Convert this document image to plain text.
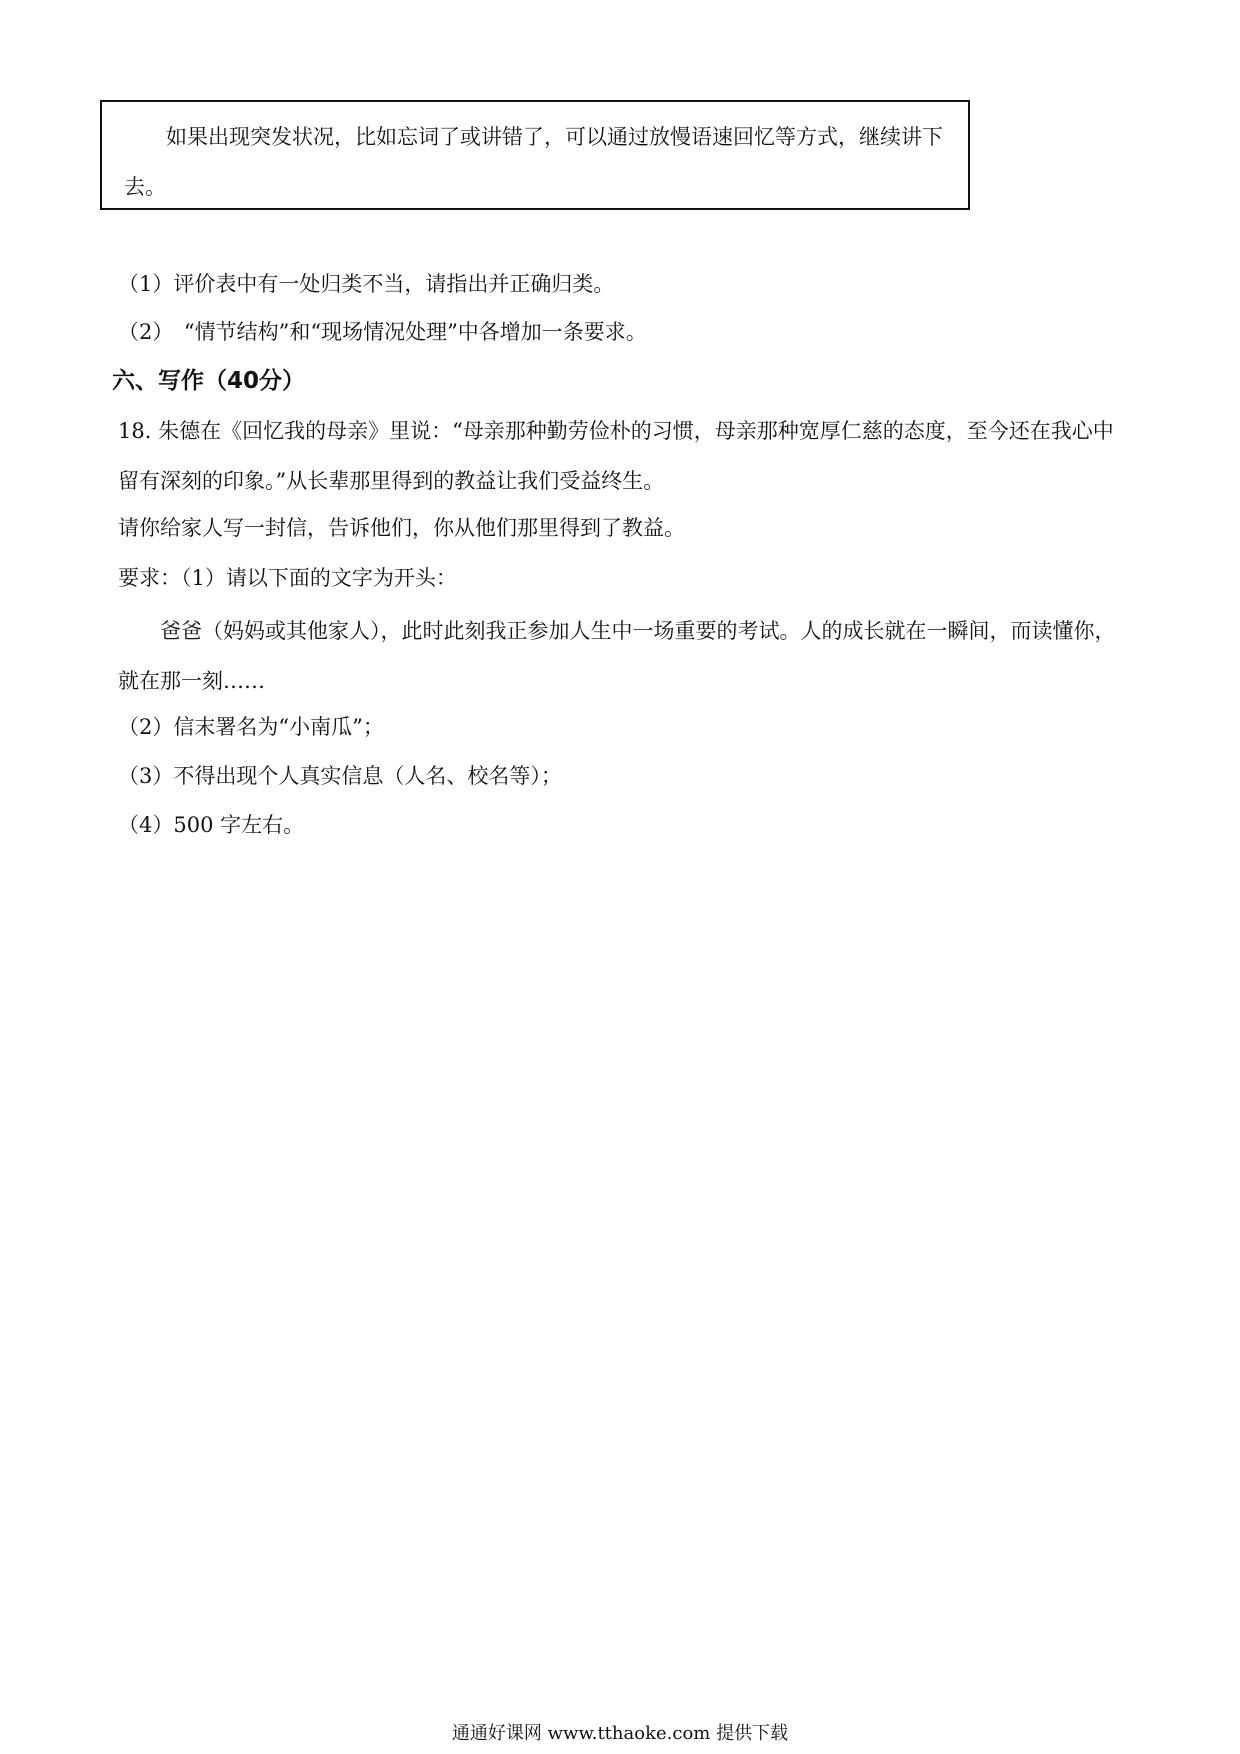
如果出现突发状况，比如忘词了或讲错了，可以通过放慢语速回忆等方式，继续讲下去。

（1）评价表中有一处归类不当，请指出并正确归类。

（2）　“情节结构”和“现场情况处理”中各增加一条要求。

六、写作（40分）

18. 朱德在《回忆我的母亲》里说：“母亲那种勤劳俭朴的习惯，母亲那种宽厚仁慈的态度，至今还在我心中留有深刻的印象。”从长辈那里得到的教益让我们受益终生。

请你给家人写一封信，告诉他们，你从他们那里得到了教益。

要求：（1）请以下面的文字为开头：

爸爸（妈妈或其他家人），此时此刻我正参加人生中一场重要的考试。人的成长就在一瞬间，而读懂你，就在那一刻……

（2）信末署名为“小南瓜”；

（3）不得出现个人真实信息（人名、校名等）；

（4）500 字左右。

通通好课网 www.tthaoke.com 提供下载
